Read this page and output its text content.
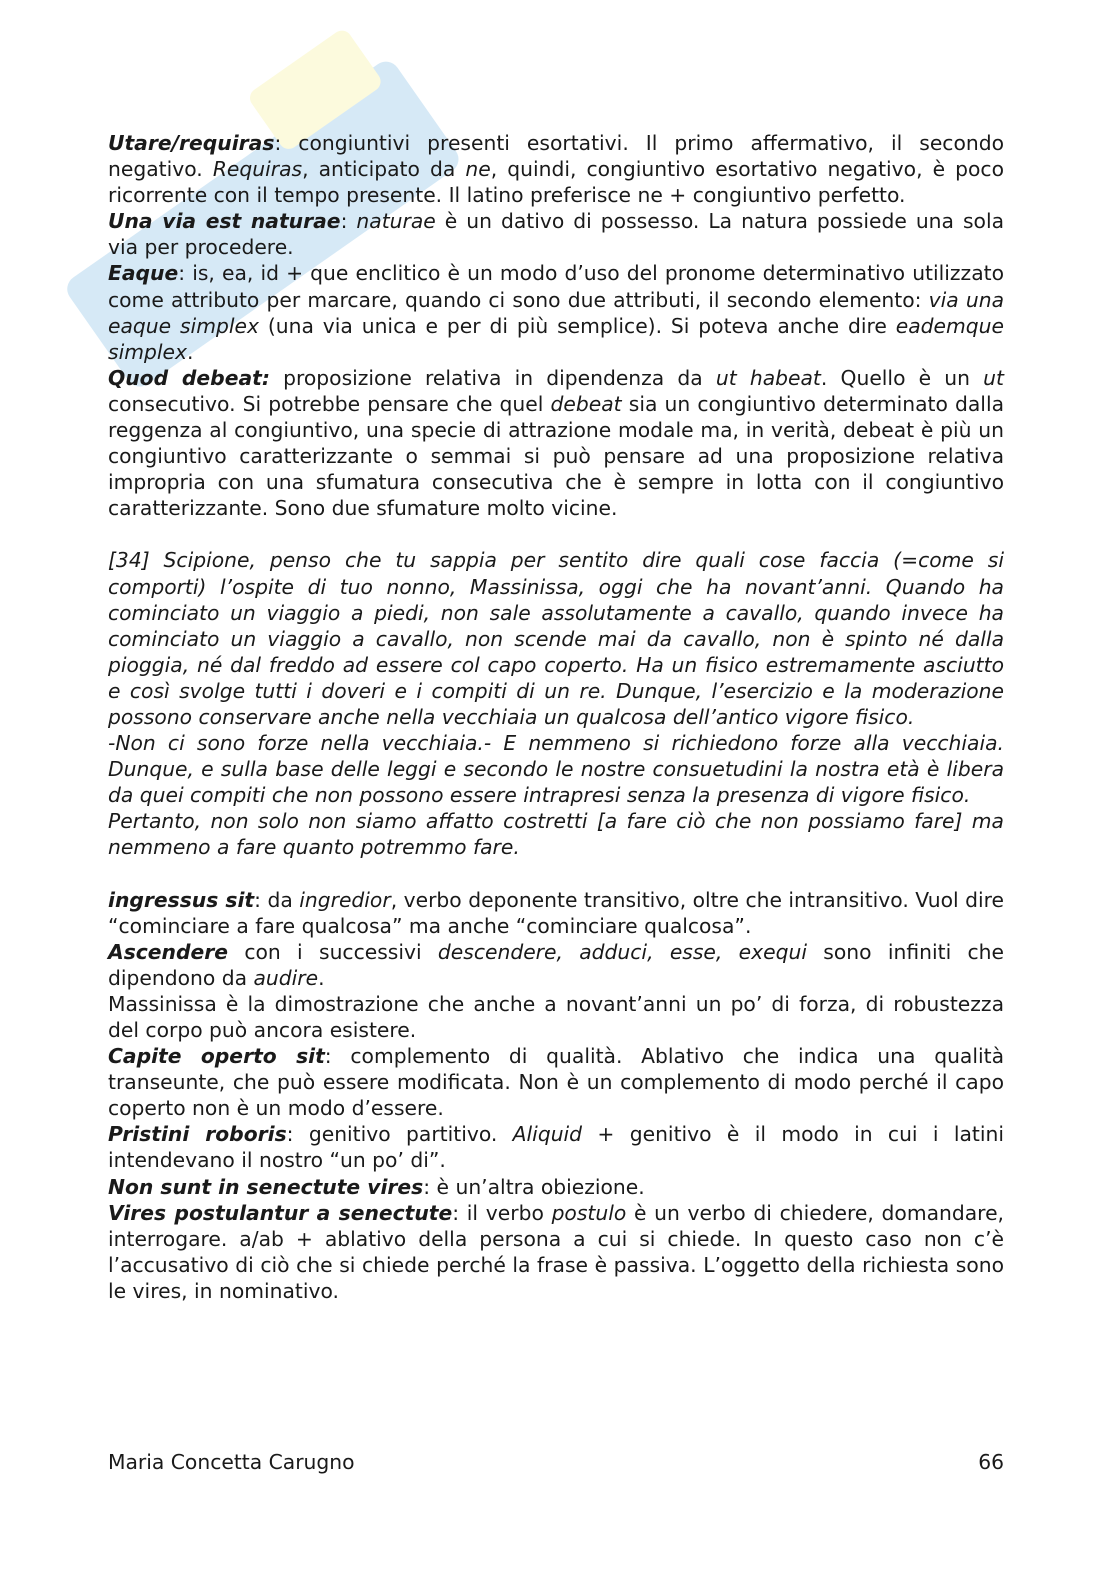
Utare/requiras: congiuntivi presenti esortativi. Il primo affermativo, il secondo negativo. Requiras, anticipato da ne, quindi, congiuntivo esortativo negativo, è poco ricorrente con il tempo presente. Il latino preferisce ne + congiuntivo perfetto.

Una via est naturae: naturae è un dativo di possesso. La natura possiede una sola via per procedere.

Eaque: is, ea, id + que enclitico è un modo d’uso del pronome determinativo utilizzato come attributo per marcare, quando ci sono due attributi, il secondo elemento: via una eaque simplex (una via unica e per di più semplice). Si poteva anche dire eademque simplex.

Quod debeat: proposizione relativa in dipendenza da ut habeat. Quello è un ut consecutivo. Si potrebbe pensare che quel debeat sia un congiuntivo determinato dalla reggenza al congiuntivo, una specie di attrazione modale ma, in verità, debeat è più un congiuntivo caratterizzante o semmai si può pensare ad una proposizione relativa impropria con una sfumatura consecutiva che è sempre in lotta con il congiuntivo caratterizzante. Sono due sfumature molto vicine.

[34] Scipione, penso che tu sappia per sentito dire quali cose faccia (=come si comporti) l’ospite di tuo nonno, Massinissa, oggi che ha novant’anni. Quando ha cominciato un viaggio a piedi, non sale assolutamente a cavallo, quando invece ha cominciato un viaggio a cavallo, non scende mai da cavallo, non è spinto né dalla pioggia, né dal freddo ad essere col capo coperto. Ha un fisico estremamente asciutto e così svolge tutti i doveri e i compiti di un re. Dunque, l’esercizio e la moderazione possono conservare anche nella vecchiaia un qualcosa dell’antico vigore fisico.

-Non ci sono forze nella vecchiaia.- E nemmeno si richiedono forze alla vecchiaia. Dunque, e sulla base delle leggi e secondo le nostre consuetudini la nostra età è libera da quei compiti che non possono essere intrapresi senza la presenza di vigore fisico.

Pertanto, non solo non siamo affatto costretti [a fare ciò che non possiamo fare] ma nemmeno a fare quanto potremmo fare.

ingressus sit: da ingredior, verbo deponente transitivo, oltre che intransitivo. Vuol dire “cominciare a fare qualcosa” ma anche “cominciare qualcosa”.

Ascendere con i successivi descendere, adduci, esse, exequi sono infiniti che dipendono da audire.

Massinissa è la dimostrazione che anche a novant’anni un po’ di forza, di robustezza del corpo può ancora esistere.

Capite operto sit: complemento di qualità. Ablativo che indica una qualità transeunte, che può essere modificata. Non è un complemento di modo perché il capo coperto non è un modo d’essere.

Pristini roboris: genitivo partitivo. Aliquid + genitivo è il modo in cui i latini intendevano il nostro “un po’ di”.

Non sunt in senectute vires: è un’altra obiezione.

Vires postulantur a senectute: il verbo postulo è un verbo di chiedere, domandare, interrogare. a/ab + ablativo della persona a cui si chiede. In questo caso non c’è l’accusativo di ciò che si chiede perché la frase è passiva. L’oggetto della richiesta sono le vires, in nominativo.

Maria Concetta Carugno	66
